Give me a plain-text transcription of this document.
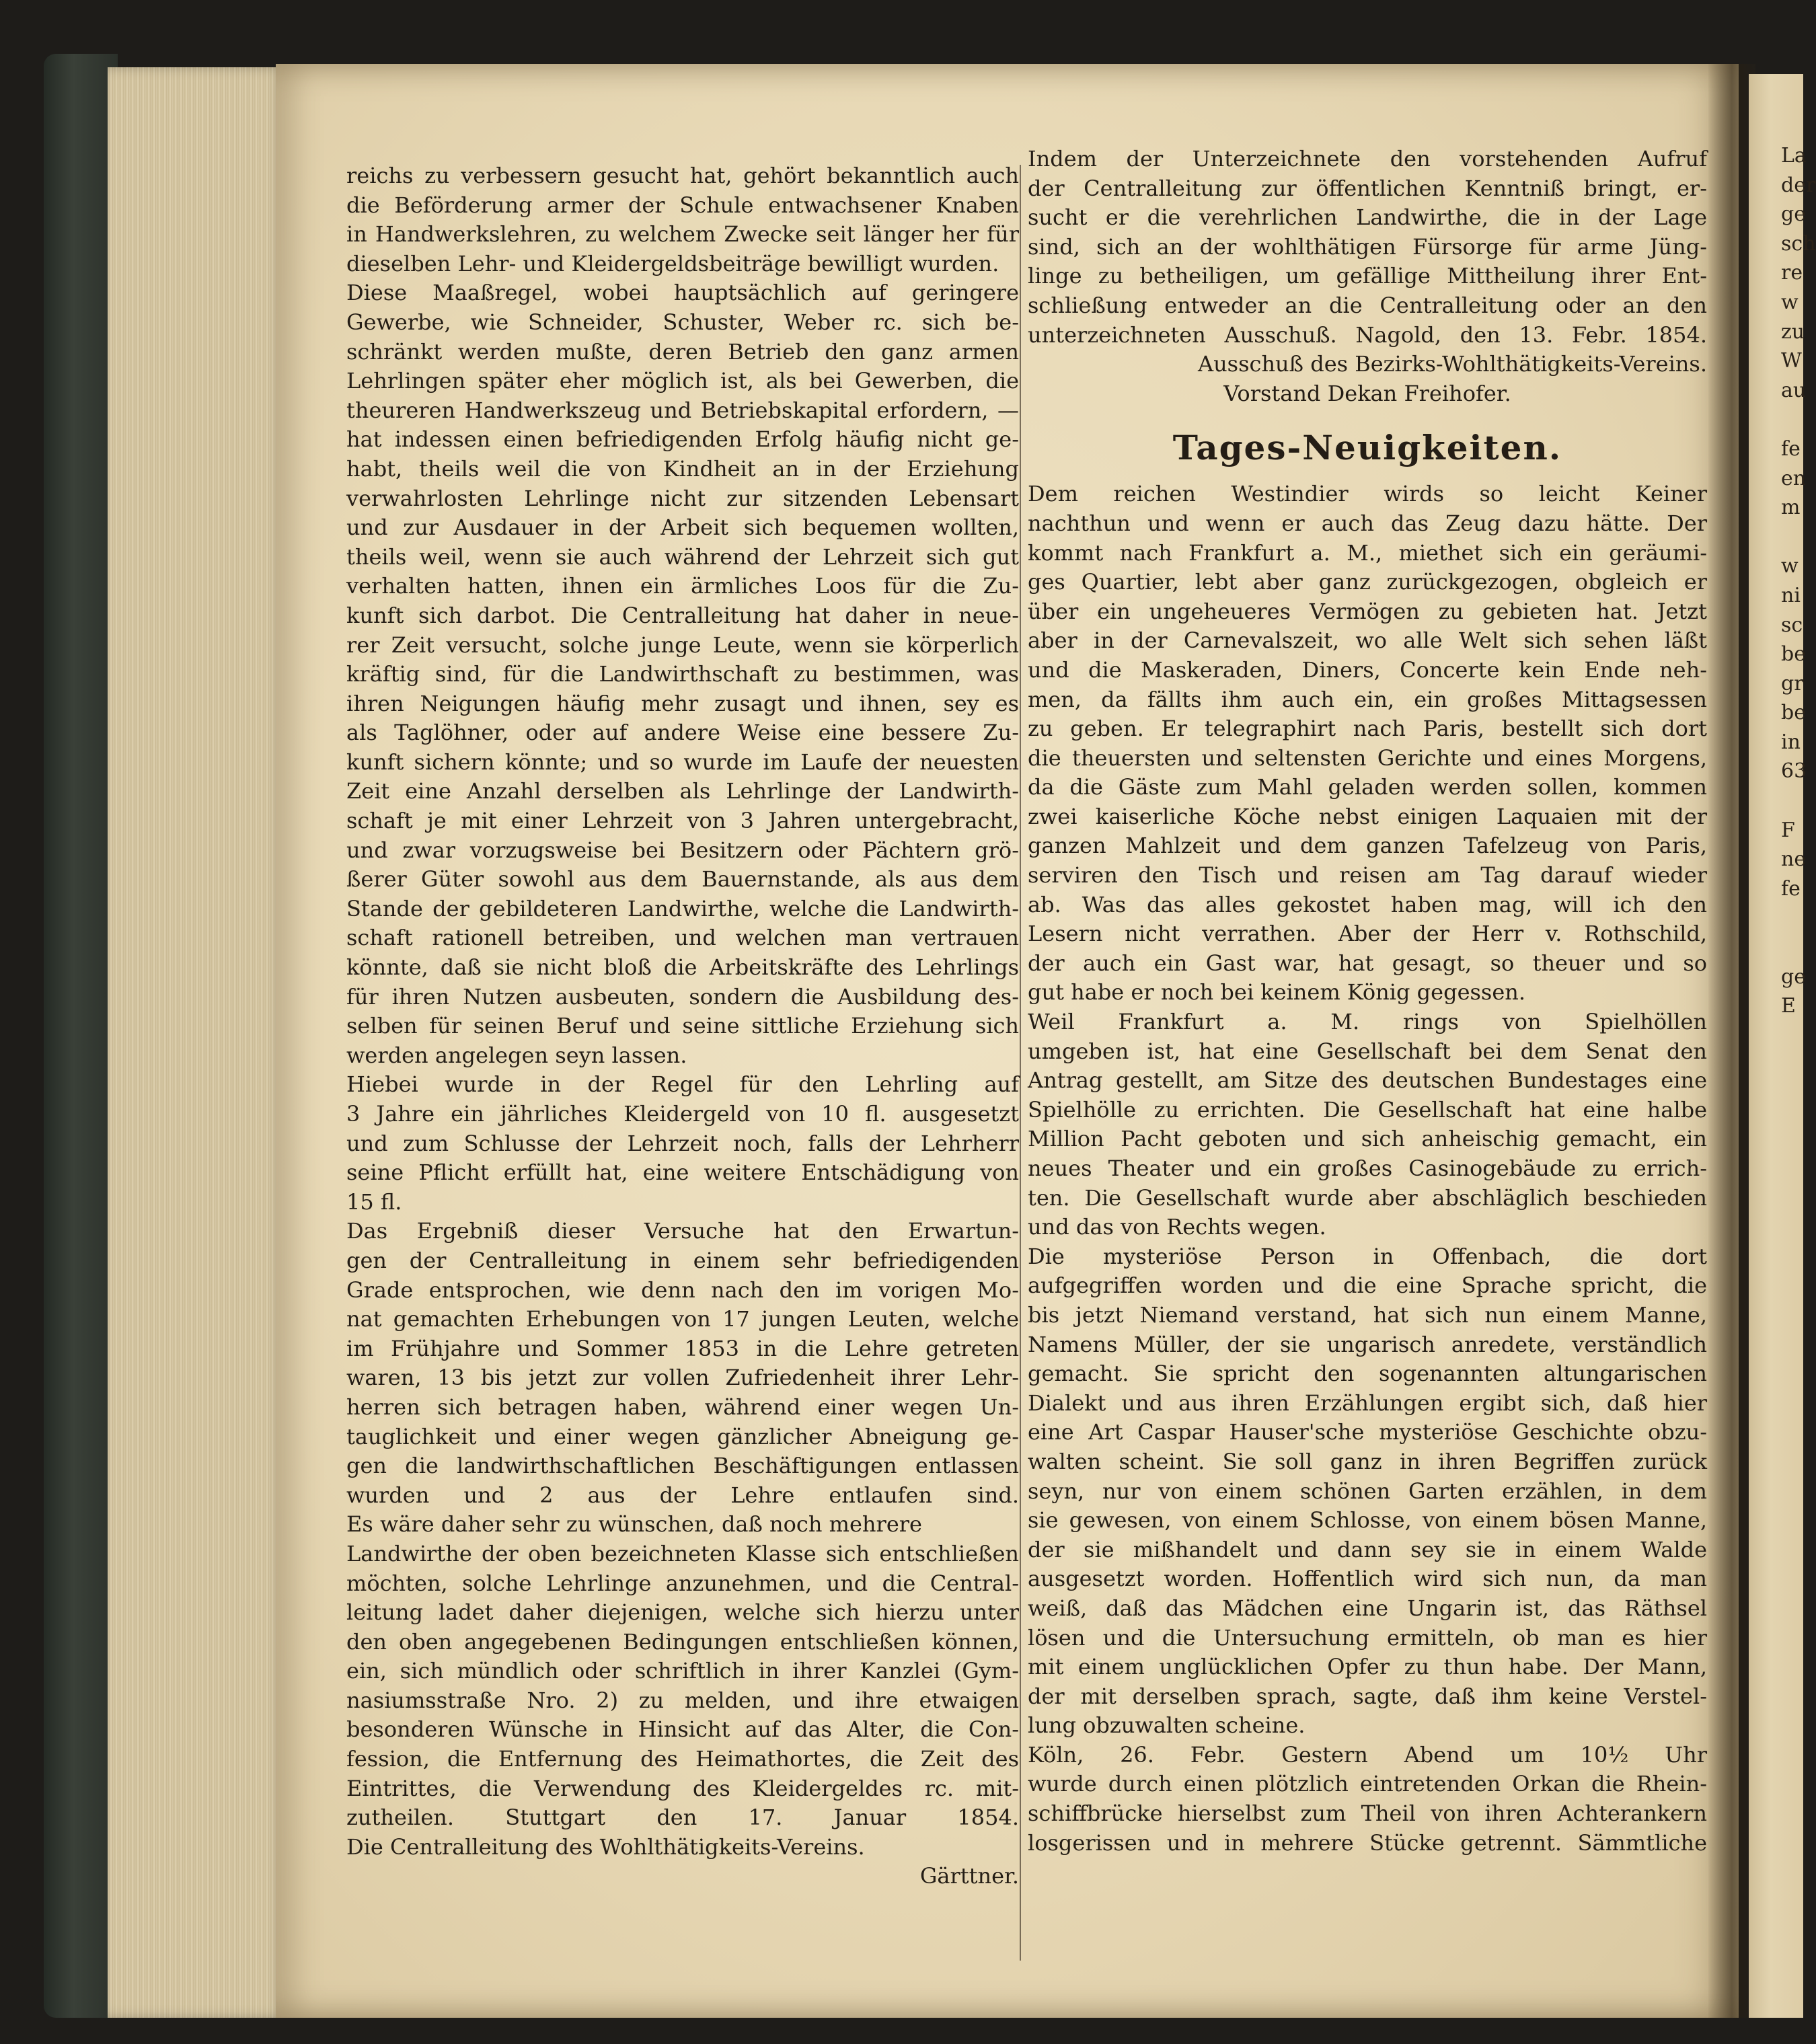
reichs zu verbessern gesucht hat, gehört bekanntlich auch
die Beförderung armer der Schule entwachsener Knaben
in Handwerkslehren, zu welchem Zwecke seit länger her für
dieselben Lehr- und Kleidergeldsbeiträge bewilligt wurden.
Diese Maaßregel, wobei hauptsächlich auf geringere
Gewerbe, wie Schneider, Schuster, Weber rc. sich be-
schränkt werden mußte, deren Betrieb den ganz armen
Lehrlingen später eher möglich ist, als bei Gewerben, die
theureren Handwerkszeug und Betriebskapital erfordern, —
hat indessen einen befriedigenden Erfolg häufig nicht ge-
habt, theils weil die von Kindheit an in der Erziehung
verwahrlosten Lehrlinge nicht zur sitzenden Lebensart
und zur Ausdauer in der Arbeit sich bequemen wollten,
theils weil, wenn sie auch während der Lehrzeit sich gut
verhalten hatten, ihnen ein ärmliches Loos für die Zu-
kunft sich darbot. Die Centralleitung hat daher in neue-
rer Zeit versucht, solche junge Leute, wenn sie körperlich
kräftig sind, für die Landwirthschaft zu bestimmen, was
ihren Neigungen häufig mehr zusagt und ihnen, sey es
als Taglöhner, oder auf andere Weise eine bessere Zu-
kunft sichern könnte; und so wurde im Laufe der neuesten
Zeit eine Anzahl derselben als Lehrlinge der Landwirth-
schaft je mit einer Lehrzeit von 3 Jahren untergebracht,
und zwar vorzugsweise bei Besitzern oder Pächtern grö-
ßerer Güter sowohl aus dem Bauernstande, als aus dem
Stande der gebildeteren Landwirthe, welche die Landwirth-
schaft rationell betreiben, und welchen man vertrauen
könnte, daß sie nicht bloß die Arbeitskräfte des Lehrlings
für ihren Nutzen ausbeuten, sondern die Ausbildung des-
selben für seinen Beruf und seine sittliche Erziehung sich
werden angelegen seyn lassen.
Hiebei wurde in der Regel für den Lehrling auf
3 Jahre ein jährliches Kleidergeld von 10 fl. ausgesetzt
und zum Schlusse der Lehrzeit noch, falls der Lehrherr
seine Pflicht erfüllt hat, eine weitere Entschädigung von
15 fl.
Das Ergebniß dieser Versuche hat den Erwartun-
gen der Centralleitung in einem sehr befriedigenden
Grade entsprochen, wie denn nach den im vorigen Mo-
nat gemachten Erhebungen von 17 jungen Leuten, welche
im Frühjahre und Sommer 1853 in die Lehre getreten
waren, 13 bis jetzt zur vollen Zufriedenheit ihrer Lehr-
herren sich betragen haben, während einer wegen Un-
tauglichkeit und einer wegen gänzlicher Abneigung ge-
gen die landwirthschaftlichen Beschäftigungen entlassen
wurden und 2 aus der Lehre entlaufen sind.
Es wäre daher sehr zu wünschen, daß noch mehrere
Landwirthe der oben bezeichneten Klasse sich entschließen
möchten, solche Lehrlinge anzunehmen, und die Central-
leitung ladet daher diejenigen, welche sich hierzu unter
den oben angegebenen Bedingungen entschließen können,
ein, sich mündlich oder schriftlich in ihrer Kanzlei (Gym-
nasiumsstraße Nro. 2) zu melden, und ihre etwaigen
besonderen Wünsche in Hinsicht auf das Alter, die Con-
fession, die Entfernung des Heimathortes, die Zeit des
Eintrittes, die Verwendung des Kleidergeldes rc. mit-
zutheilen. Stuttgart den 17. Januar 1854.
Die Centralleitung des Wohlthätigkeits-Vereins.
Gärttner.
Indem der Unterzeichnete den vorstehenden Aufruf
der Centralleitung zur öffentlichen Kenntniß bringt, er-
sucht er die verehrlichen Landwirthe, die in der Lage
sind, sich an der wohlthätigen Fürsorge für arme Jüng-
linge zu betheiligen, um gefällige Mittheilung ihrer Ent-
schließung entweder an die Centralleitung oder an den
unterzeichneten Ausschuß. Nagold, den 13. Febr. 1854.
Ausschuß des Bezirks-Wohlthätigkeits-Vereins.
Vorstand Dekan Freihofer.
Tages-Neuigkeiten.
Dem reichen Westindier wirds so leicht Keiner
nachthun und wenn er auch das Zeug dazu hätte. Der
kommt nach Frankfurt a. M., miethet sich ein geräumi-
ges Quartier, lebt aber ganz zurückgezogen, obgleich er
über ein ungeheueres Vermögen zu gebieten hat. Jetzt
aber in der Carnevalszeit, wo alle Welt sich sehen läßt
und die Maskeraden, Diners, Concerte kein Ende neh-
men, da fällts ihm auch ein, ein großes Mittagsessen
zu geben. Er telegraphirt nach Paris, bestellt sich dort
die theuersten und seltensten Gerichte und eines Morgens,
da die Gäste zum Mahl geladen werden sollen, kommen
zwei kaiserliche Köche nebst einigen Laquaien mit der
ganzen Mahlzeit und dem ganzen Tafelzeug von Paris,
serviren den Tisch und reisen am Tag darauf wieder
ab. Was das alles gekostet haben mag, will ich den
Lesern nicht verrathen. Aber der Herr v. Rothschild,
der auch ein Gast war, hat gesagt, so theuer und so
gut habe er noch bei keinem König gegessen.
Weil Frankfurt a. M. rings von Spielhöllen
umgeben ist, hat eine Gesellschaft bei dem Senat den
Antrag gestellt, am Sitze des deutschen Bundestages eine
Spielhölle zu errichten. Die Gesellschaft hat eine halbe
Million Pacht geboten und sich anheischig gemacht, ein
neues Theater und ein großes Casinogebäude zu errich-
ten. Die Gesellschaft wurde aber abschläglich beschieden
und das von Rechts wegen.
Die mysteriöse Person in Offenbach, die dort
aufgegriffen worden und die eine Sprache spricht, die
bis jetzt Niemand verstand, hat sich nun einem Manne,
Namens Müller, der sie ungarisch anredete, verständlich
gemacht. Sie spricht den sogenannten altungarischen
Dialekt und aus ihren Erzählungen ergibt sich, daß hier
eine Art Caspar Hauser'sche mysteriöse Geschichte obzu-
walten scheint. Sie soll ganz in ihren Begriffen zurück
seyn, nur von einem schönen Garten erzählen, in dem
sie gewesen, von einem Schlosse, von einem bösen Manne,
der sie mißhandelt und dann sey sie in einem Walde
ausgesetzt worden. Hoffentlich wird sich nun, da man
weiß, daß das Mädchen eine Ungarin ist, das Räthsel
lösen und die Untersuchung ermitteln, ob man es hier
mit einem unglücklichen Opfer zu thun habe. Der Mann,
der mit derselben sprach, sagte, daß ihm keine Verstel-
lung obzuwalten scheine.
Köln, 26. Febr. Gestern Abend um 10½ Uhr
wurde durch einen plötzlich eintretenden Orkan die Rhein-
schiffbrücke hierselbst zum Theil von ihren Achterankern
losgerissen und in mehrere Stücke getrennt. Sämmtliche
La
der
ge
sch
re
w
zu
W
au
fe
en
m
w
ni
sc
be
gr
be
in
63
F
ne
fe
ge
E
